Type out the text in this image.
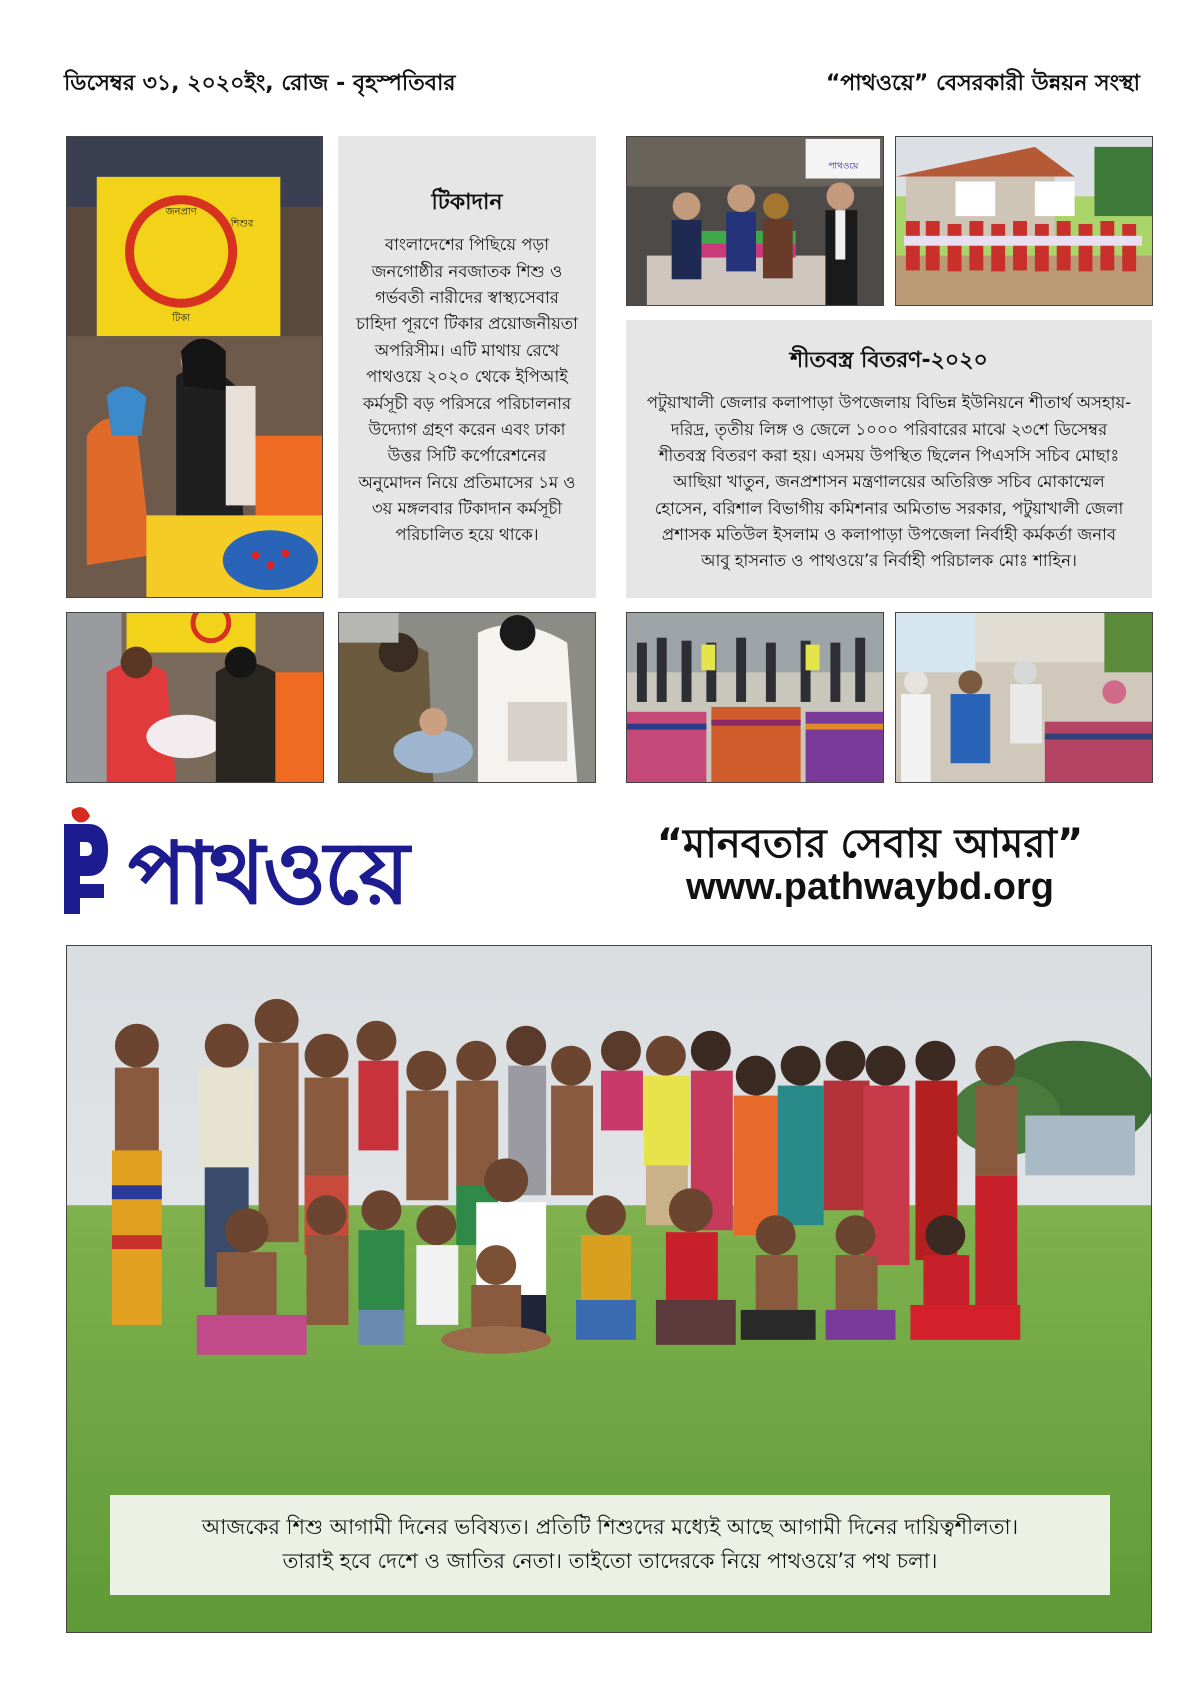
ডিসেম্বর ৩১, ২০২০ইং, রোজ - বৃহস্পতিবার	“পাথওয়ে” বেসরকারী উন্নয়ন সংস্থা
জনপ্রাণ
শিশুর
টিকা
টিকাদান

বাংলাদেশের পিছিয়ে পড়া জনগোষ্ঠীর নবজাতক শিশু ও গর্ভবতী নারীদের স্বাস্থ্যসেবার চাহিদা পূরণে টিকার প্রয়োজনীয়তা অপরিসীম। এটি মাথায় রেখে পাথওয়ে ২০২০ থেকে ইপিআই কর্মসূচী বড় পরিসরে পরিচালনার উদ্যোগ গ্রহণ করেন এবং ঢাকা উত্তর সিটি কর্পোরেশনের অনুমোদন নিয়ে প্রতিমাসের ১ম ও ৩য় মঙ্গলবার টিকাদান কর্মসূচী পরিচালিত হয়ে থাকে।

পাথওয়ে
শীতবস্ত্র বিতরণ-২০২০

পটুয়াখালী জেলার কলাপাড়া উপজেলায় বিভিন্ন ইউনিয়নে শীতার্থ অসহায়-দরিদ্র, তৃতীয় লিঙ্গ ও জেলে ১০০০ পরিবারের মাঝে ২৩শে ডিসেম্বর শীতবস্ত্র বিতরণ করা হয়। এসময় উপস্থিত ছিলেন পিএসসি সচিব মোছাঃ আছিয়া খাতুন, জনপ্রশাসন মন্ত্রণালয়ের অতিরিক্ত সচিব মোকাম্মেল হোসেন, বরিশাল বিভাগীয় কমিশনার অমিতাভ সরকার, পটুয়াখালী জেলা প্রশাসক মতিউল ইসলাম ও কলাপাড়া উপজেলা নির্বাহী কর্মকর্তা জনাব আবু হাসনাত ও পাথওয়ে’র নির্বাহী পরিচালক মোঃ শাহিন।

পাথওয়ে	“মানবতার সেবায় আমরা”
www.pathwaybd.org
আজকের শিশু আগামী দিনের ভবিষ্যত। প্রতিটি শিশুদের মধ্যেই আছে আগামী দিনের দায়িত্বশীলতা।
তারাই হবে দেশে ও জাতির নেতা। তাইতো তাদেরকে নিয়ে পাথওয়ে’র পথ চলা।
